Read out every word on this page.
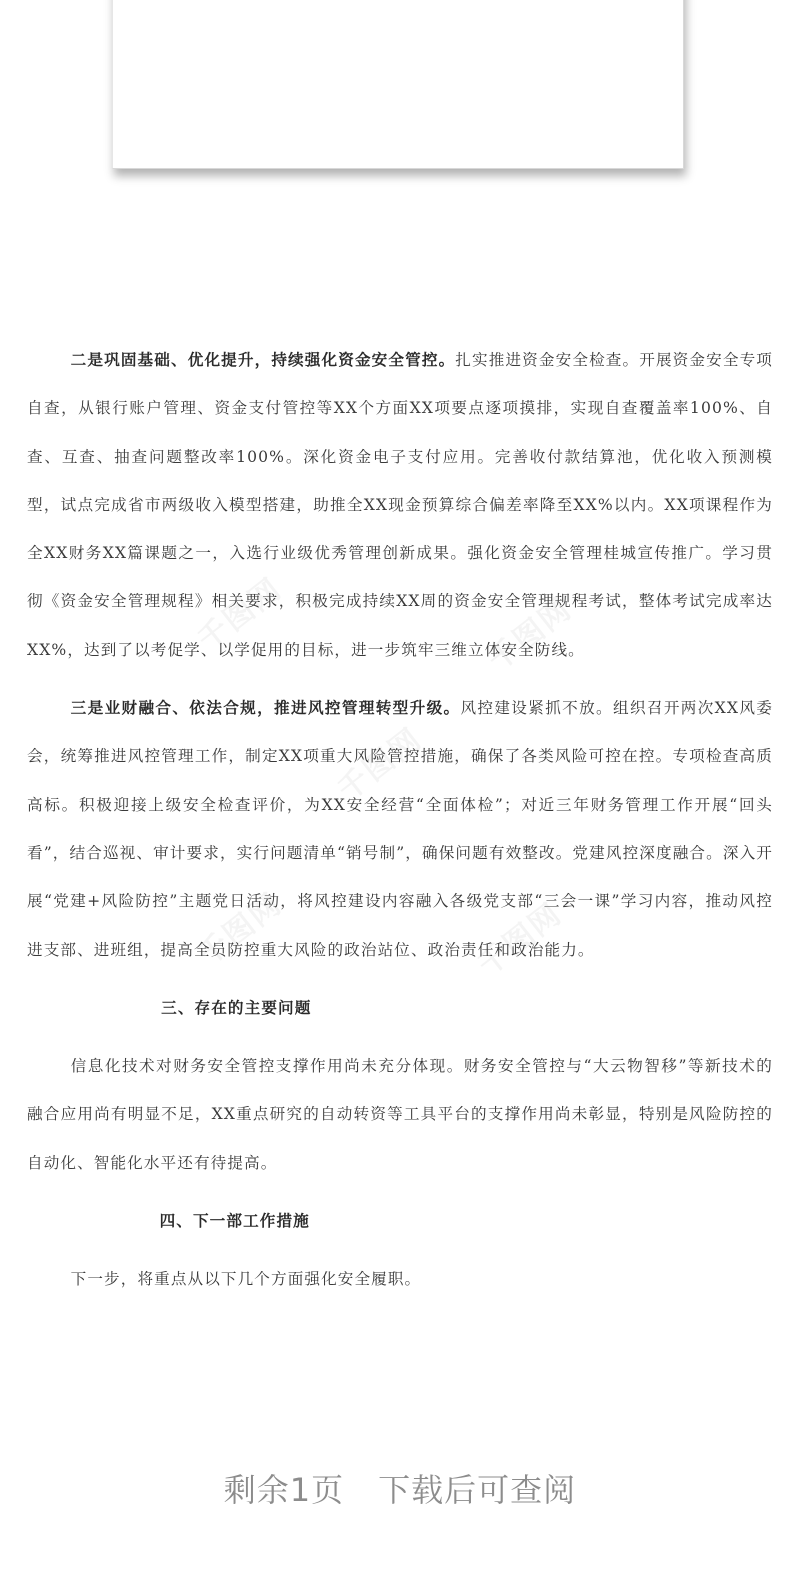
千图网	千图网
千图网
千图网	千图网

二是巩固基础、优化提升，持续强化资金安全管控。扎实推进资金安全检查。开展资金安全专项自查，从银行账户管理、资金支付管控等XX个方面XX项要点逐项摸排，实现自查覆盖率100%、自查、互查、抽查问题整改率100%。深化资金电子支付应用。完善收付款结算池，优化收入预测模型，试点完成省市两级收入模型搭建，助推全XX现金预算综合偏差率降至XX%以内。XX项课程作为全XX财务XX篇课题之一，入选行业级优秀管理创新成果。强化资金安全管理桂城宣传推广。学习贯彻《资金安全管理规程》相关要求，积极完成持续XX周的资金安全管理规程考试，整体考试完成率达XX%，达到了以考促学、以学促用的目标，进一步筑牢三维立体安全防线。

三是业财融合、依法合规，推进风控管理转型升级。风控建设紧抓不放。组织召开两次XX风委会，统筹推进风控管理工作，制定XX项重大风险管控措施，确保了各类风险可控在控。专项检查高质高标。积极迎接上级安全检查评价，为XX安全经营“全面体检”；对近三年财务管理工作开展“回头看”，结合巡视、审计要求，实行问题清单“销号制”，确保问题有效整改。党建风控深度融合。深入开展“党建+风险防控”主题党日活动，将风控建设内容融入各级党支部“三会一课”学习内容，推动风控进支部、进班组，提高全员防控重大风险的政治站位、政治责任和政治能力。

三、存在的主要问题

信息化技术对财务安全管控支撑作用尚未充分体现。财务安全管控与“大云物智移”等新技术的融合应用尚有明显不足，XX重点研究的自动转资等工具平台的支撑作用尚未彰显，特别是风险防控的自动化、智能化水平还有待提高。

四、下一部工作措施

下一步，将重点从以下几个方面强化安全履职。

剩余1页 下载后可查阅
